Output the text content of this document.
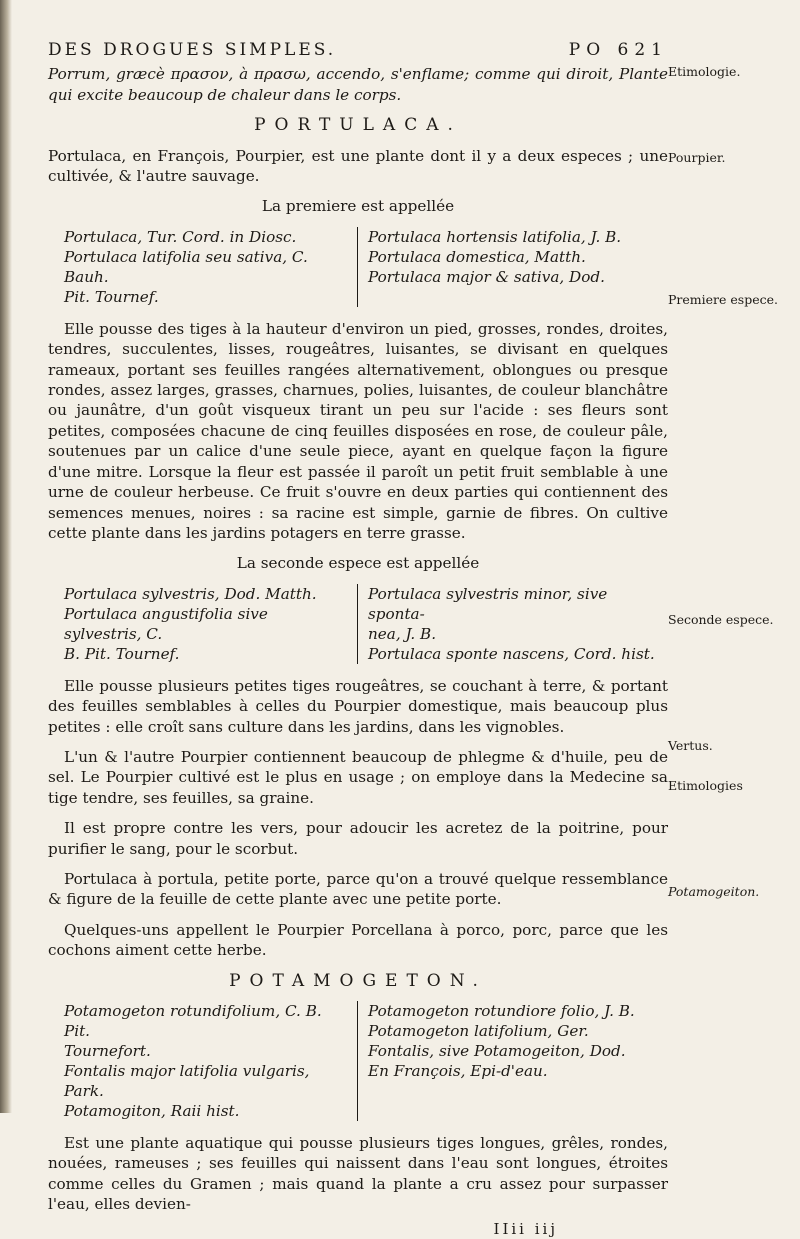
DES DROGUES SIMPLES.	PO 621

Porrum, græcè πρασον, à πρασω, accendo, s'enflame; comme qui diroit, Plante qui excite beaucoup de chaleur dans le corps.

PORTULACA.

Portulaca, en François, Pourpier, est une plante dont il y a deux especes ; une cultivée, & l'autre sauvage.

La premiere est appellée
Portulaca, Tur. Cord. in Diosc.
Portulaca latifolia seu sativa, C. Bauh.
Pit. Tournef.
Portulaca hortensis latifolia, J. B.
Portulaca domestica, Matth.
Portulaca major & sativa, Dod.

Elle pousse des tiges à la hauteur d'environ un pied, grosses, rondes, droites, tendres, succulentes, lisses, rougeâtres, luisantes, se divisant en quelques rameaux, portant ses feuilles rangées alternativement, oblongues ou presque rondes, assez larges, grasses, charnues, polies, luisantes, de couleur blanchâtre ou jaunâtre, d'un goût visqueux tirant un peu sur l'acide : ses fleurs sont petites, composées chacune de cinq feuilles disposées en rose, de couleur pâle, soutenues par un calice d'une seule piece, ayant en quelque façon la figure d'une mitre. Lorsque la fleur est passée il paroît un petit fruit semblable à une urne de couleur herbeuse. Ce fruit s'ouvre en deux parties qui contiennent des semences menues, noires : sa racine est simple, garnie de fibres. On cultive cette plante dans les jardins potagers en terre grasse.

La seconde espece est appellée
Portulaca sylvestris, Dod. Matth.
Portulaca angustifolia sive sylvestris, C.
B. Pit. Tournef.
Portulaca sylvestris minor, sive sponta-
nea, J. B.
Portulaca sponte nascens, Cord. hist.

Elle pousse plusieurs petites tiges rougeâtres, se couchant à terre, & portant des feuilles semblables à celles du Pourpier domestique, mais beaucoup plus petites : elle croît sans culture dans les jardins, dans les vignobles.

L'un & l'autre Pourpier contiennent beaucoup de phlegme & d'huile, peu de sel. Le Pourpier cultivé est le plus en usage ; on employe dans la Medecine sa tige tendre, ses feuilles, sa graine.

Il est propre contre les vers, pour adoucir les acretez de la poitrine, pour purifier le sang, pour le scorbut.

Portulaca à portula, petite porte, parce qu'on a trouvé quelque ressemblance & figure de la feuille de cette plante avec une petite porte.

Quelques-uns appellent le Pourpier Porcellana à porco, porc, parce que les cochons aiment cette herbe.

POTAMOGETON.
Potamogeton rotundifolium, C. B. Pit.
Tournefort.
Fontalis major latifolia vulgaris, Park.
Potamogiton, Raii hist.
Potamogeton rotundiore folio, J. B.
Potamogeton latifolium, Ger.
Fontalis, sive Potamogeiton, Dod.
En François, Epi-d'eau.

Est une plante aquatique qui pousse plusieurs tiges longues, grêles, rondes, nouées, rameuses ; ses feuilles qui naissent dans l'eau sont longues, étroites comme celles du Gramen ; mais quand la plante a cru assez pour surpasser l'eau, elles devien-

IIii iij
Etimologie.
Pourpier.
Premiere espece.
Seconde espece.
Vertus.
Etimologies
Potamogeiton.
